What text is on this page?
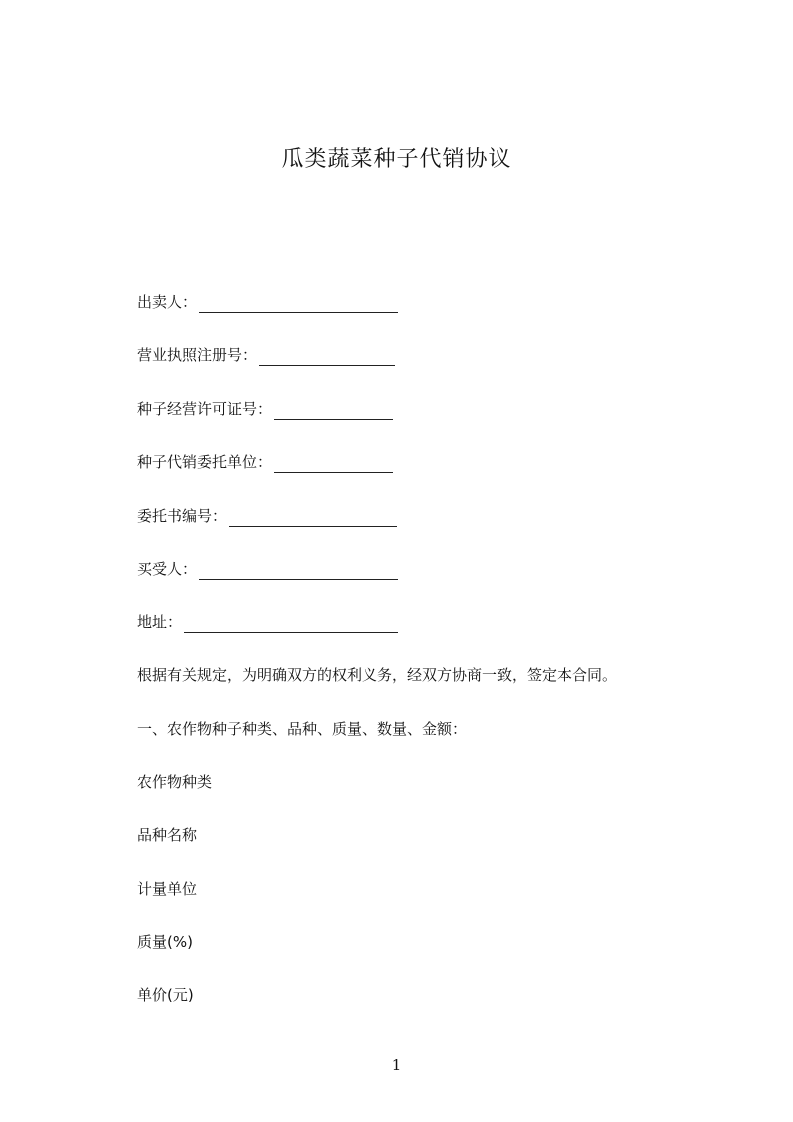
瓜类蔬菜种子代销协议
出卖人：
营业执照注册号：
种子经营许可证号：
种子代销委托单位：
委托书编号：
买受人：
地址：
根据有关规定，为明确双方的权利义务，经双方协商一致，签定本合同。
一、农作物种子种类、品种、质量、数量、金额：
农作物种类
品种名称
计量单位
质量(%)
单价(元)
1
